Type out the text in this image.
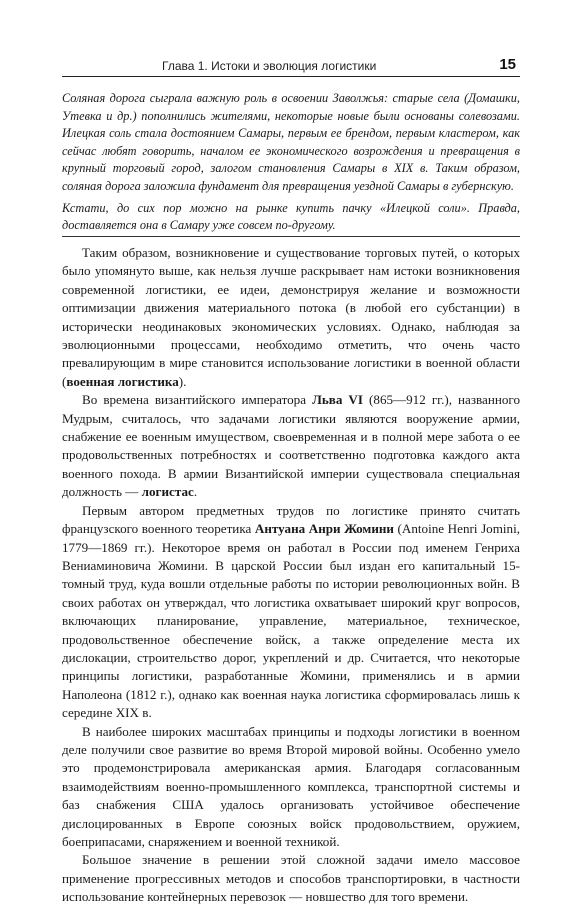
Глава 1. Истоки и эволюция логистики	15

Соляная дорога сыграла важную роль в освоении Заволжья: старые села (Домашки, Утевка и др.) пополнились жителями, некоторые новые были основаны солевозами. Илецкая соль стала достоянием Самары, первым ее брендом, первым кластером, как сейчас любят говорить, началом ее экономического возрождения и превращения в крупный торговый город, залогом становления Самары в XIX в. Таким образом, соляная дорога заложила фундамент для превращения уездной Самары в губернскую.

Кстати, до сих пор можно на рынке купить пачку «Илецкой соли». Правда, доставляется она в Самару уже совсем по-другому.

Таким образом, возникновение и существование торговых путей, о которых было упомянуто выше, как нельзя лучше раскрывает нам истоки возникновения современной логистики, ее идеи, демонстрируя желание и возможности оптимизации движения материального потока (в любой его субстанции) в исторически неодинаковых экономических условиях. Однако, наблюдая за эволюционными процессами, необходимо отметить, что очень часто превалирующим в мире становится использование логистики в военной области (военная логистика).

Во времена византийского императора Льва VI (865—912 гг.), названного Мудрым, считалось, что задачами логистики являются вооружение армии, снабжение ее военным имуществом, своевременная и в полной мере забота о ее продовольственных потребностях и соответственно подготовка каждого акта военного похода. В армии Византийской империи существовала специальная должность — логистас.

Первым автором предметных трудов по логистике принято считать французского военного теоретика Антуана Анри Жомини (Antoine Henri Jomini, 1779—1869 гг.). Некоторое время он работал в России под именем Генриха Вениаминовича Жомини. В царской России был издан его капитальный 15-томный труд, куда вошли отдельные работы по истории революционных войн. В своих работах он утверждал, что логистика охватывает широкий круг вопросов, включающих планирование, управление, материальное, техническое, продовольственное обеспечение войск, а также определение места их дислокации, строительство дорог, укреплений и др. Считается, что некоторые принципы логистики, разработанные Жомини, применялись и в армии Наполеона (1812 г.), однако как военная наука логистика сформировалась лишь к середине XIX в.

В наиболее широких масштабах принципы и подходы логистики в военном деле получили свое развитие во время Второй мировой войны. Особенно умело это продемонстрировала американская армия. Благодаря согласованным взаимодействиям военно-промышленного комплекса, транспортной системы и баз снабжения США удалось организовать устойчивое обеспечение дислоцированных в Европе союзных войск продовольствием, оружием, боеприпасами, снаряжением и военной техникой.

Большое значение в решении этой сложной задачи имело массовое применение прогрессивных методов и способов транспортировки, в частности использование контейнерных перевозок — новшество для того времени.
